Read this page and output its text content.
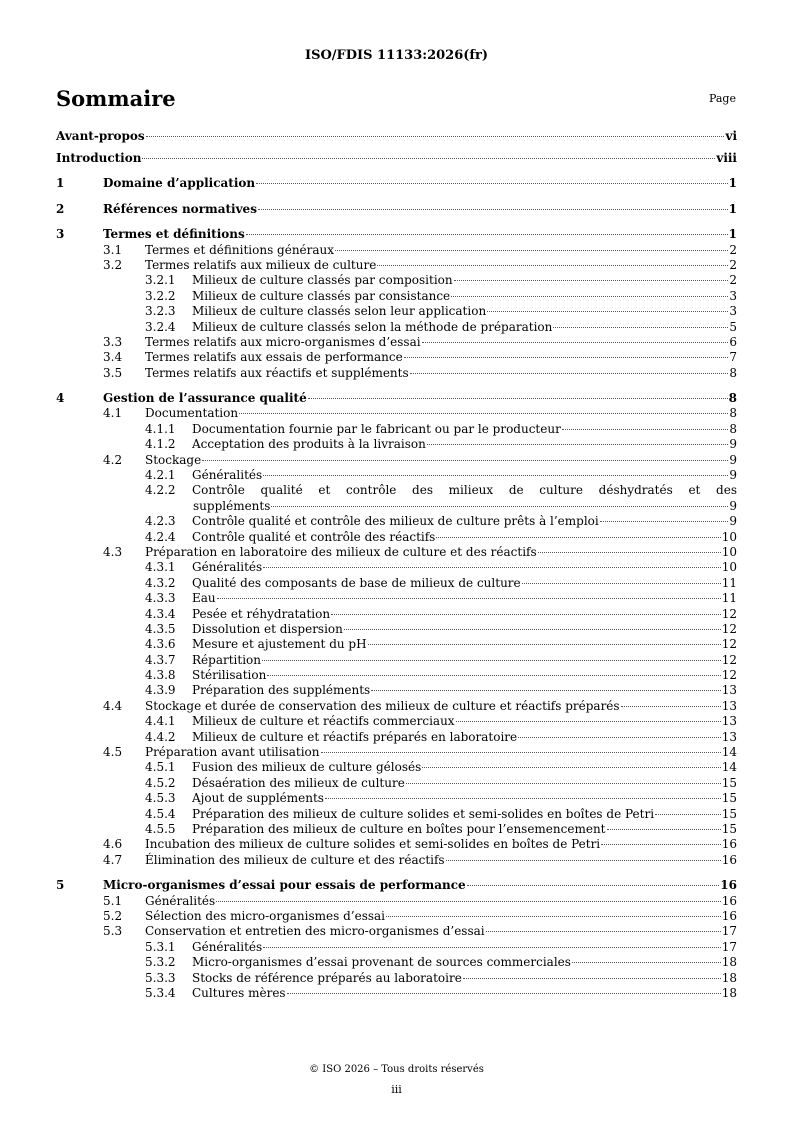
ISO/FDIS 11133:2026(fr)
Sommaire	Page
Avant-propos	vi
Introduction	viii
1	Domaine d’application	1
2	Références normatives	1
3	Termes et définitions	1
3.1	Termes et définitions généraux	2
3.2	Termes relatifs aux milieux de culture	2
3.2.1	Milieux de culture classés par composition	2
3.2.2	Milieux de culture classés par consistance	3
3.2.3	Milieux de culture classés selon leur application	3
3.2.4	Milieux de culture classés selon la méthode de préparation	5
3.3	Termes relatifs aux micro-organismes d’essai	6
3.4	Termes relatifs aux essais de performance	7
3.5	Termes relatifs aux réactifs et suppléments	8
4	Gestion de l’assurance qualité	8
4.1	Documentation	8
4.1.1	Documentation fournie par le fabricant ou par le producteur	8
4.1.2	Acceptation des produits à la livraison	9
4.2	Stockage	9
4.2.1	Généralités	9
4.2.2	Contrôle qualité et contrôle des milieux de culture déshydratés et des
suppléments	9
4.2.3	Contrôle qualité et contrôle des milieux de culture prêts à l’emploi	9
4.2.4	Contrôle qualité et contrôle des réactifs	10
4.3	Préparation en laboratoire des milieux de culture et des réactifs	10
4.3.1	Généralités	10
4.3.2	Qualité des composants de base de milieux de culture	11
4.3.3	Eau	11
4.3.4	Pesée et réhydratation	12
4.3.5	Dissolution et dispersion	12
4.3.6	Mesure et ajustement du pH	12
4.3.7	Répartition	12
4.3.8	Stérilisation	12
4.3.9	Préparation des suppléments	13
4.4	Stockage et durée de conservation des milieux de culture et réactifs préparés	13
4.4.1	Milieux de culture et réactifs commerciaux	13
4.4.2	Milieux de culture et réactifs préparés en laboratoire	13
4.5	Préparation avant utilisation	14
4.5.1	Fusion des milieux de culture gélosés	14
4.5.2	Désaération des milieux de culture	15
4.5.3	Ajout de suppléments	15
4.5.4	Préparation des milieux de culture solides et semi-solides en boîtes de Petri	15
4.5.5	Préparation des milieux de culture en boîtes pour l’ensemencement	15
4.6	Incubation des milieux de culture solides et semi-solides en boîtes de Petri	16
4.7	Élimination des milieux de culture et des réactifs	16
5	Micro-organismes d’essai pour essais de performance	16
5.1	Généralités	16
5.2	Sélection des micro-organismes d’essai	16
5.3	Conservation et entretien des micro-organismes d’essai	17
5.3.1	Généralités	17
5.3.2	Micro-organismes d’essai provenant de sources commerciales	18
5.3.3	Stocks de référence préparés au laboratoire	18
5.3.4	Cultures mères	18
© ISO 2026 – Tous droits réservés
iii
